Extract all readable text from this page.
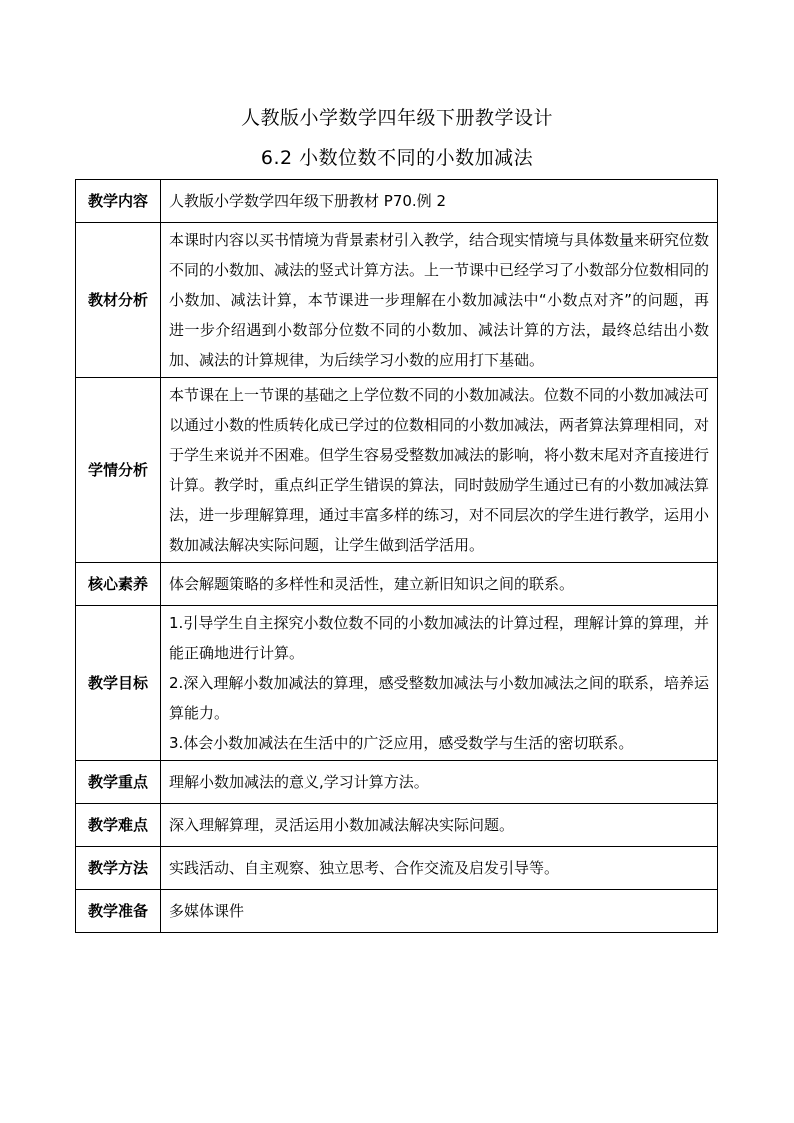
人教版小学数学四年级下册教学设计
6.2 小数位数不同的小数加减法
教学内容	人教版小学数学四年级下册教材 P70.例 2
教材分析	本课时内容以买书情境为背景素材引入教学，结合现实情境与具体数量来研究位数不同的小数加、减法的竖式计算方法。上一节课中已经学习了小数部分位数相同的小数加、减法计算，本节课进一步理解在小数加减法中“小数点对齐”的问题，再进一步介绍遇到小数部分位数不同的小数加、减法计算的方法，最终总结出小数加、减法的计算规律，为后续学习小数的应用打下基础。
学情分析	本节课在上一节课的基础之上学位数不同的小数加减法。位数不同的小数加减法可以通过小数的性质转化成已学过的位数相同的小数加减法，两者算法算理相同，对于学生来说并不困难。但学生容易受整数加减法的影响，将小数末尾对齐直接进行计算。教学时，重点纠正学生错误的算法，同时鼓励学生通过已有的小数加减法算法，进一步理解算理，通过丰富多样的练习，对不同层次的学生进行教学，运用小数加减法解决实际问题，让学生做到活学活用。
核心素养	体会解题策略的多样性和灵活性，建立新旧知识之间的联系。
教学目标	1.引导学生自主探究小数位数不同的小数加减法的计算过程，理解计算的算理，并能正确地进行计算。
2.深入理解小数加减法的算理，感受整数加减法与小数加减法之间的联系，培养运算能力。
3.体会小数加减法在生活中的广泛应用，感受数学与生活的密切联系。

教学重点	理解小数加减法的意义,学习计算方法。
教学难点	深入理解算理，灵活运用小数加减法解决实际问题。
教学方法	实践活动、自主观察、独立思考、合作交流及启发引导等。
教学准备	多媒体课件
